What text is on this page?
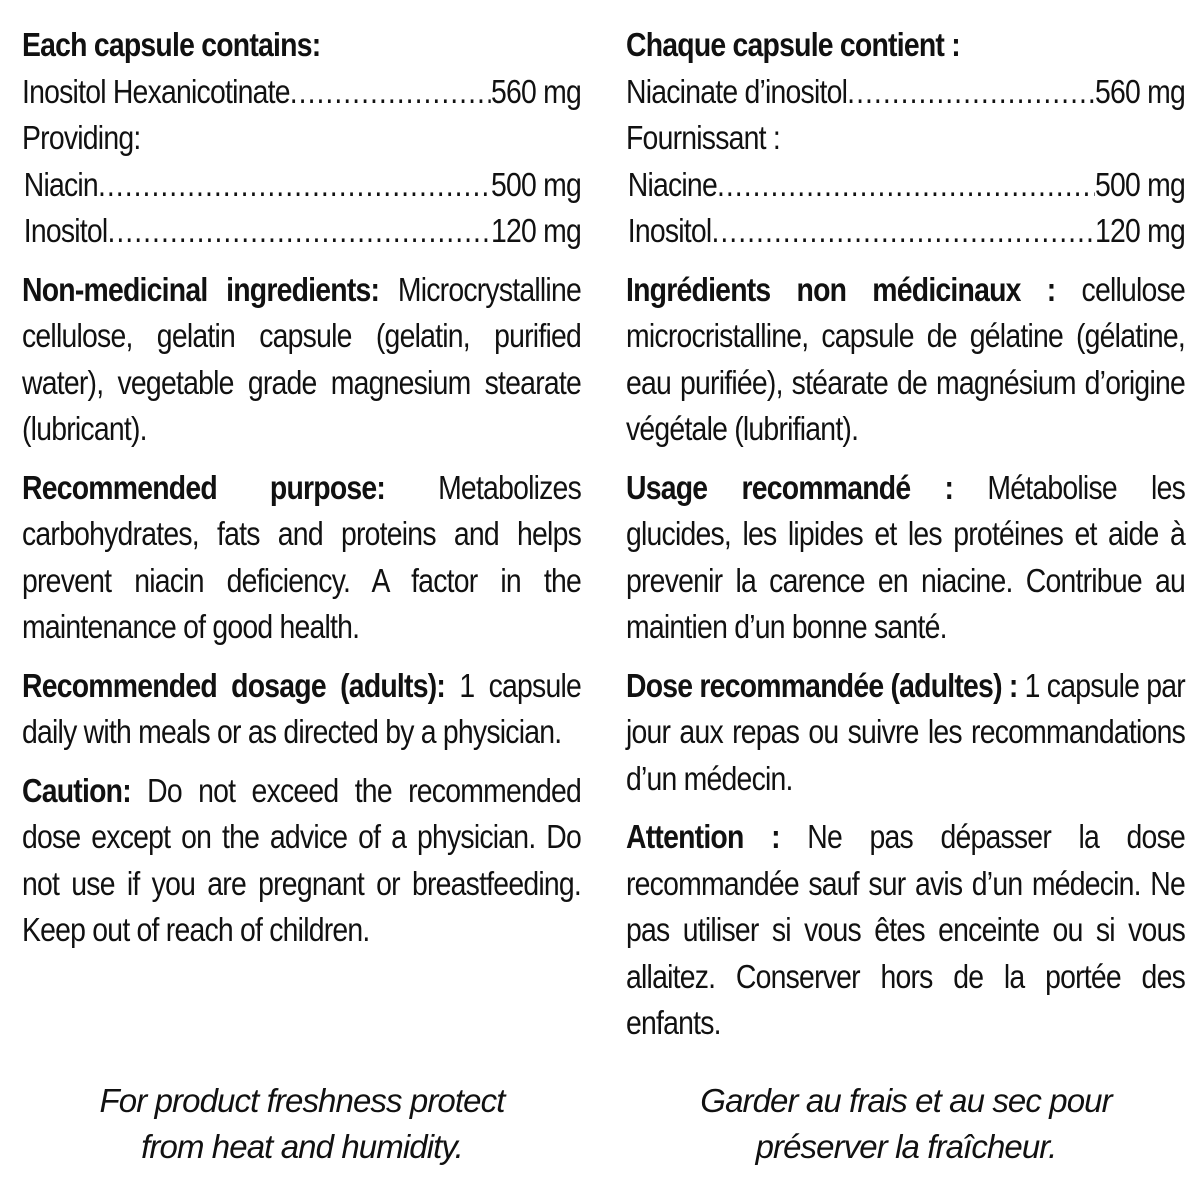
Each capsule contains:

Inositol Hexanicotinate .....	560 mg

Providing:

Niacin .....	500 mg
Inositol .....	120 mg

Non-medicinal ingredients: Microcrystalline cellulose, gelatin capsule (gelatin, purified water), vegetable grade magnesium stearate (lubricant).

Recommended purpose: Metabolizes carbohydrates, fats and proteins and helps prevent niacin deficiency. A factor in the maintenance of good health.

Recommended dosage (adults): 1 capsule daily with meals or as directed by a physician.

Caution: Do not exceed the recommended dose except on the advice of a physician. Do not use if you are pregnant or breastfeeding. Keep out of reach of children.

Chaque capsule contient :

Niacinate d’inositol .....	560 mg

Fournissant :

Niacine .....	500 mg
Inositol .....	120 mg

Ingrédients non médicinaux : cellulose microcristalline, capsule de gélatine (gélatine, eau purifiée), stéarate de magnésium d’origine végétale (lubrifiant).

Usage recommandé : Métabolise les glucides, les lipides et les protéines et aide à prevenir la carence en niacine. Contribue au maintien d’un bonne santé.

Dose recommandée (adultes) : 1 capsule par jour aux repas ou suivre les recommandations d’un médecin.

Attention : Ne pas dépasser la dose recommandée sauf sur avis d’un médecin. Ne pas utiliser si vous êtes enceinte ou si vous allaitez. Conserver hors de la portée des enfants.

For product freshness protect
from heat and humidity.
Garder au frais et au sec pour
préserver la fraîcheur.
